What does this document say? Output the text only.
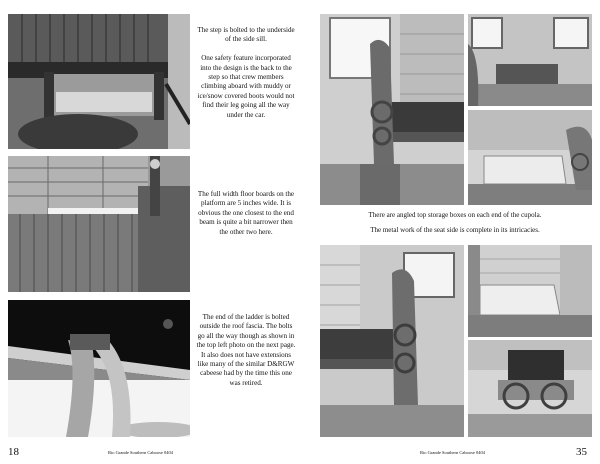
The step is bolted to the underside of the side sill.

One safety feature incorporated into the design is the back to the step so that crew members climbing aboard with muddy or ice/snow covered boots would not find their leg going all the way under the car.
The full width floor boards on the platform are 5 inches wide. It is obvious the one closest to the end beam is quite a bit narrower then the other two here.
The end of the ladder is bolted outside the roof fascia. The bolts go all the way though as shown in the top left photo on the next page. It also does not have extensions like many of the similar D&RGW cabeese had by the time this one was retired.
18	Rio Grande Southern Caboose 0404
There are angled top storage boxes on each end of the cupola.
The metal work of the seat side is complete in its intricacies.
Rio Grande Southern Caboose 0404	35
